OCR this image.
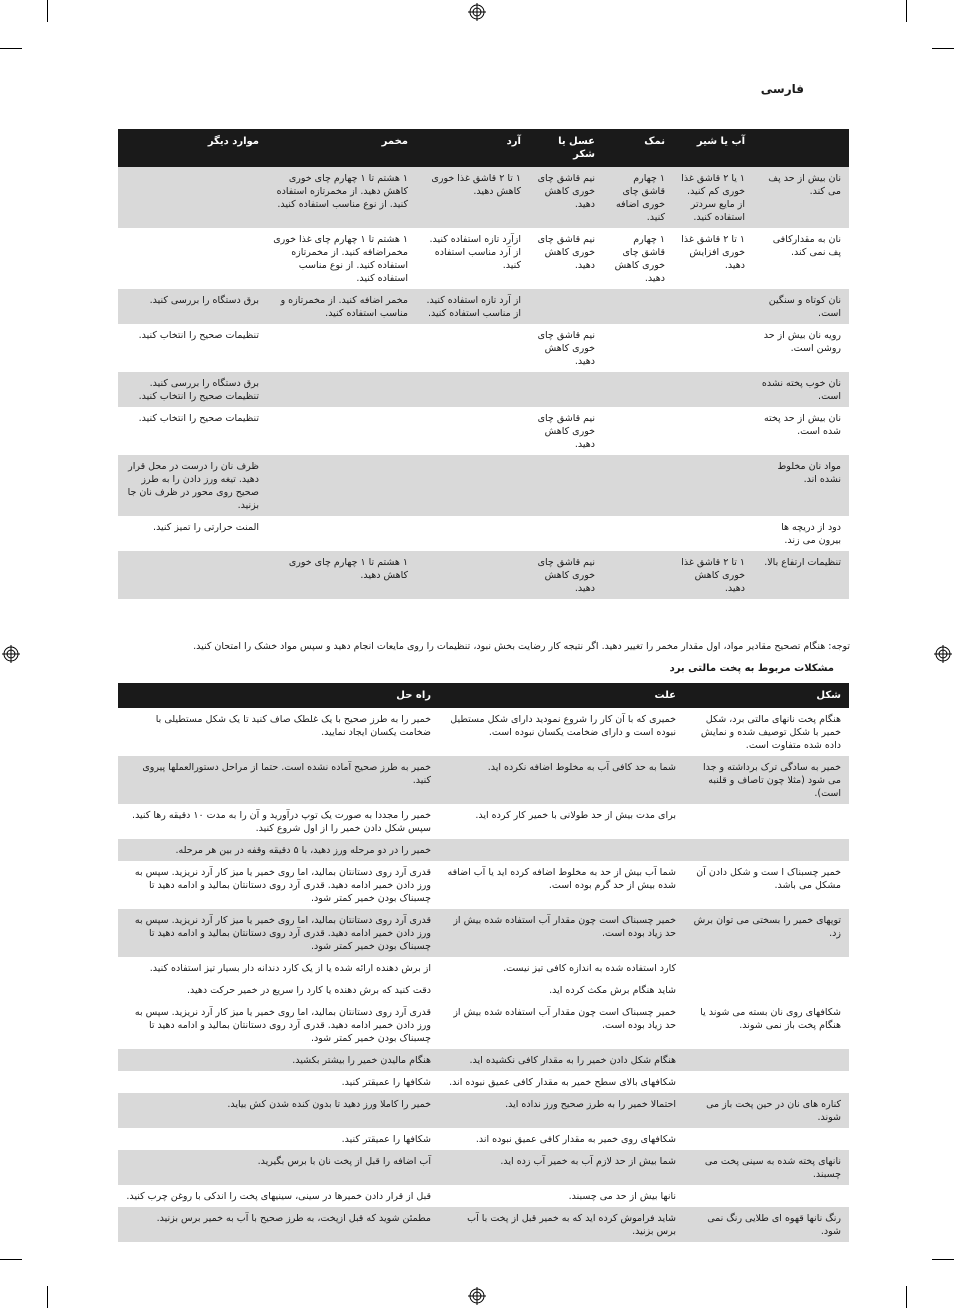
فارسی
	آب یا شیر	نمک	عسل یا شکر	آرد	مخمر	موارد دیگر
نان بیش از حد پف می کند.	۱ یا ۲ قاشق غذا خوری کم کنید. از مایع سردتر استفاده کنید.	۱ چهارم قاشق چای خوری اضافه کنید.	نیم قاشق چای خوری کاهش دهید.	۱ تا ۲ قاشق غذا خوری کاهش دهید.	۱ هشتم تا ۱ چهارم چای خوری کاهش دهید. از مخمرتازه استفاده کنید. از نوع مناسب استفاده کنید.	
نان به مقدارکافی پف نمی کند.	۱ تا ۲ قاشق غذا خوری افزایش دهید.	۱ چهارم قاشق چای خوری کاهش دهید.	نیم قاشق چای خوری کاهش دهید.	ازآرد تازه استفاده کنید. از آرد مناسب استفاده کنید.	۱ هشتم تا ۱ چهارم چای غذا خوری مخمراضافه کنید. از مخمرتازه استفاده کنید. از نوع مناسب استفاده کنید.	
نان کوتاه و سنگین است.				از آرد تازه استفاده کنید. از مناسب استفاده کنید.	مخمر اضافه کنید. از مخمرتازه و مناسب استفاده کنید.	برق دستگاه را بررسی کنید.
رویه نان بیش از حد روشن است.			نیم قاشق چای خوری کاهش دهید.			تنظیمات صحیح را انتخاب کنید.
نان خوب پخته نشده است.						برق دستگاه را بررسی کنید. تنظیمات صحیح را انتخاب کنید.
نان بیش از حد پخته شده است.			نیم قاشق چای خوری کاهش دهید.			تنظیمات صحیح را انتخاب کنید.
مواد نان مخلوط نشده اند.						ظرف نان را درست در محل قرار دهید. تیغه ورز دادن را به طرز صحیح روی محور در ظرف نان جا بزنید.
دود از دریچه ها بیرون می زند.						المنت حرارتی را تمیز کنید.
تنظیمات ارتفاع بالا.	۱ تا ۲ قاشق غذا خوری کاهش دهید.		نیم قاشق چای خوری کاهش دهید.		۱ هشتم تا ۱ چهارم چای خوری کاهش دهید.	
توجه: هنگام تصحیح مقادیر مواد، اول مقدار مخمر را تغییر دهید. اگر نتیجه کار رضایت بخش نبود، تنظیمات را روی مایعات انجام دهید و سپس مواد خشک را امتحان کنید.
مشکلات مربوط به پخت مالتی برد
شکل	علت	راه حل
هنگام پخت نانهای مالتی برد، شکل خمیر با شکل توصیف شده و نمایش داده شده متفاوت است.	خمیری که با آن کار را شروع نمودید دارای شکل مستطیل نبوده است و دارای ضخامت یکسان نبوده است.	خمیر را به طرز صحیح با یک غلطک صاف کنید تا یک شکل مستطیلی با ضخامت یکسان ایجاد نمایید.
خمیر به سادگی ترک برداشته و جدا می شود (مثلا چون تاصاف و قلنبه است).	شما به حد کافی آب به مخلوط اضافه نکرده اید.	خمیر به طرز صحیح آماده نشده است. حتما از مراحل دستورالعملها پیروی کنید.
	برای مدت بیش از حد طولانی با خمیر کار کرده اید.	خمیر را مجددا به صورت یک توپ درآورید و آن را به مدت ۱۰ دقیقه رها کنید. سپس شکل دادن خمیر را از اول شروع کنید.
		خمیر را در دو مرحله ورز دهید، با ۵ دقیقه وقفه در بین هر مرحله.
خمیر چسبناک ا ست و شکل دادن آن مشکل می باشد.	شما آب بیش از حد به مخلوط اضافه کرده اید یا آب اضافه شده بیش از حد گرم بوده است.	قدری آرد روی دستانتان بمالید، اما روی خمیر یا میز کار آرد نریزید. سپس به ورز دادن خمیر ادامه دهید. قدری آرد روی دستانتان بمالید و ادامه دهید تا چسبناک بودن خمیر کمتر شود.
توپهای خمیر را بسختی می توان برش زد.	خمیر چسبناک است چون مقدار آب استفاده شده بیش از حد زیاد بوده است.	قدری آرد روی دستانتان بمالید، اما روی خمیر یا میز کار آرد نریزید. سپس به ورز دادن خمیر ادامه دهید. قدری آرد روی دستانتان بمالید و ادامه دهید تا چسبناک بودن خمیر کمتر شود.
	کارد استفاده شده به اندازه کافی تیز نیست.	از برش دهنده ارائه شده یا از یک کارد دندانه دار بسیار تیز استفاده کنید.
	شاید هنگام برش مکث کرده اید.	دقت کنید که برش دهنده یا کارد را سریع در خمیر حرکت دهید.
شکافهای روی نان بسته می شوند یا هنگام پخت باز نمی شوند.	خمیر چسبناک است چون مقدار آب استفاده شده بیش از حد زیاد بوده است.	قدری آرد روی دستانتان بمالید، اما روی خمیر یا میز کار آرد نریزید. سپس به ورز دادن خمیر ادامه دهید. قدری آرد روی دستانتان بمالید و ادامه دهید تا چسبناک بودن خمیر کمتر شود.
	هنگام شکل دادن خمیر را به مقدار کافی نکشیده اید.	هنگام مالیدن خمیر را بیشتر بکشید.
	شکافهای بالای سطح خمیر به مقدار کافی عمیق نبوده اند.	شکافها را عمیقتر کنید.
کناره های نان در حین پخت باز می شوند.	احتمالا خمیر را به طرز صحیح ورز نداده اید.	خمیر را کاملا ورز دهید تا بدون کنده شدن کش بیاید.
	شکافهای روی خمیر به مقدار کافی عمیق نبوده اند.	شکافها را عمیقتر کنید.
نانهای پخته شده به سینی پخت می چسبند.	شما بیش از حد لازم آب به خمیر آب زده اید.	آب اضافه را قبل از پخت نان با برس بگیرید.
	نانها بیش از حد می چسبند.	قبل از قرار دادن خمیرها در سینی، سینیهای پخت را اندکی با روغن چرب کنید.
رنگ نانها قهوه ای طلایی رنگ نمی شود.	شاید فراموش کرده اید که به خمیر قبل از پخت با آب برس بزنید.	مطمئن شوید که قبل ازپخت، به طرز صحیح با آب به خمیر برس بزنید.
